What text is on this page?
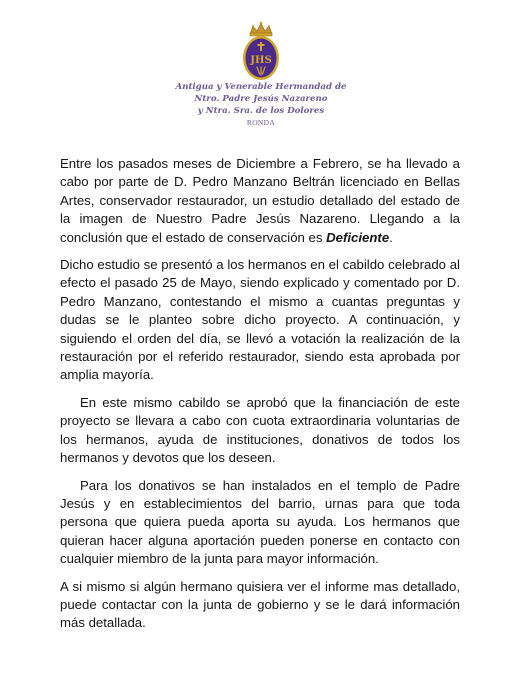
JHS
Antigua y Venerable Hermandad de
Ntro. Padre Jesús Nazareno
y Ntra. Sra. de los Dolores
RONDA

Entre los pasados meses de Diciembre a Febrero, se ha llevado a cabo por parte de D. Pedro Manzano Beltrán licenciado en Bellas Artes, conservador restaurador, un estudio detallado del estado de la imagen de Nuestro Padre Jesús Nazareno. Llegando a la conclusión que el estado de conservación es Deficiente.

Dicho estudio se presentó a los hermanos en el cabildo celebrado al efecto el pasado 25 de Mayo, siendo explicado y comentado por D. Pedro Manzano, contestando el mismo a cuantas preguntas y dudas se le planteo sobre dicho proyecto. A continuación, y siguiendo el orden del día, se llevó a votación la realización de la restauración por el referido restaurador, siendo esta aprobada por amplia mayoría.

En este mismo cabildo se aprobó que la financiación de este proyecto se llevara a cabo con cuota extraordinaria voluntarias de los hermanos, ayuda de instituciones, donativos de todos los hermanos y devotos que los deseen.

Para los donativos se han instalados en el templo de Padre Jesús y en establecimientos del barrio, urnas para que toda persona que quiera pueda aporta su ayuda. Los hermanos que quieran hacer alguna aportación pueden ponerse en contacto con cualquier miembro de la junta para mayor información.

A si mismo si algún hermano quisiera ver el informe mas detallado, puede contactar con la junta de gobierno y se le dará información más detallada.
